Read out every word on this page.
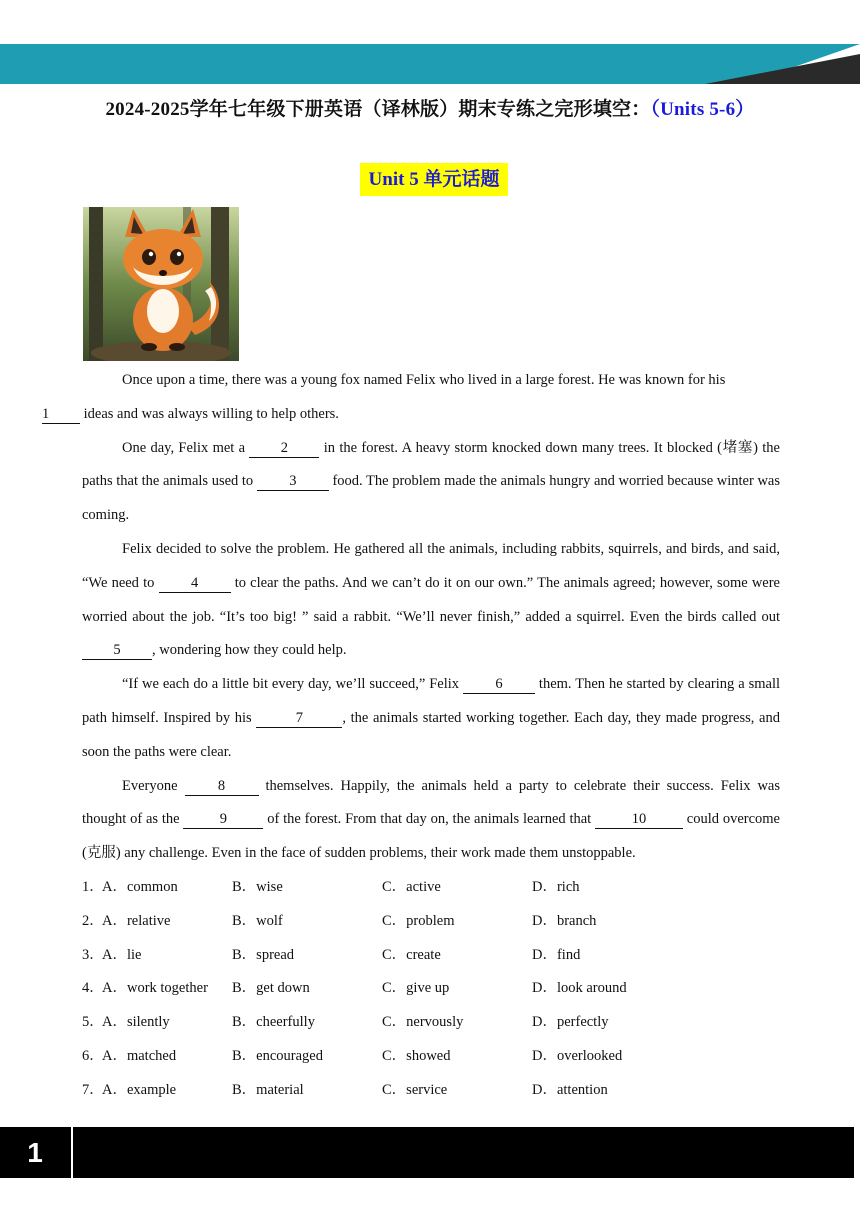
2024-2025学年七年级下册英语（译林版）期末专练之完形填空：（Units 5-6）
Unit 5 单元话题

Once upon a time, there was a young fox named Felix who lived in a large forest. He was known for his
1 ideas and was always willing to help others.

One day, Felix met a 2 in the forest. A heavy storm knocked down many trees. It blocked (堵塞) the paths that the animals used to 3 food. The problem made the animals hungry and worried because winter was coming.

Felix decided to solve the problem. He gathered all the animals, including rabbits, squirrels, and birds, and said, “We need to 4 to clear the paths. And we can’t do it on our own.” The animals agreed; however, some were worried about the job. “It’s too big! ” said a rabbit. “We’ll never finish,” added a squirrel. Even the birds called out 5 , wondering how they could help.

“If we each do a little bit every day, we’ll succeed,” Felix 6 them. Then he started by clearing a small path himself. Inspired by his	7	, the animals started working together. Each day, they made progress, and soon the paths were clear.

Everyone 8 themselves. Happily, the animals held a party to celebrate their success. Felix was thought of as the	9	of the forest. From that day on, the animals learned that	10	could overcome (克服) any challenge. Even in the face of sudden problems, their work made them unstoppable.

1．
A．common	B．wise	C．active	D．rich
2．
A．relative	B．wolf	C．problem	D．branch
3．
A．lie	B．spread	C．create	D．find
4．
A．work together B．get down	C．give up	D．look around
5．
A．silently	B．cheerfully	C．nervously	D．perfectly
6．
A．matched	B．encouraged	C．showed	D．overlooked
7．
A．example	B．material	C．service	D．attention
1
